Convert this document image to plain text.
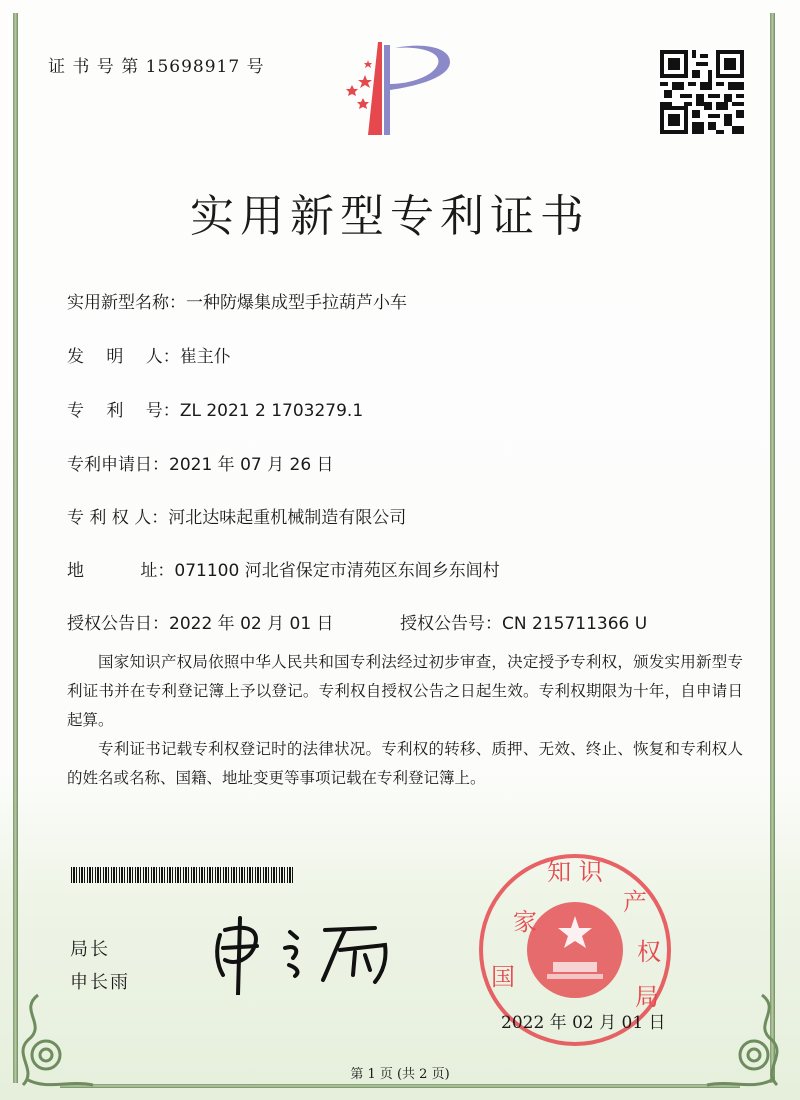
证 书 号 第 15698917 号
实用新型专利证书
实用新型名称：一种防爆集成型手拉葫芦小车
发　 明 　人：崔主仆
专　 利 　号：ZL 2021 2 1703279.1
专利申请日：2021 年 07 月 26 日
专 利 权 人：河北达味起重机械制造有限公司
地　　　 址：071100 河北省保定市清苑区东闾乡东闾村
授权公告日：2022 年 02 月 01 日	授权公告号：CN 215711366 U

国家知识产权局依照中华人民共和国专利法经过初步审查，决定授予专利权，颁发实用新型专利证书并在专利登记簿上予以登记。专利权自授权公告之日起生效。专利权期限为十年，自申请日起算。

专利证书记载专利权登记时的法律状况。专利权的转移、质押、无效、终止、恢复和专利权人的姓名或名称、国籍、地址变更等事项记载在专利登记簿上。

局长
申长雨
知 识
家
产
权
国
局
2022 年 02 月 01 日
第 1 页 (共 2 页)
